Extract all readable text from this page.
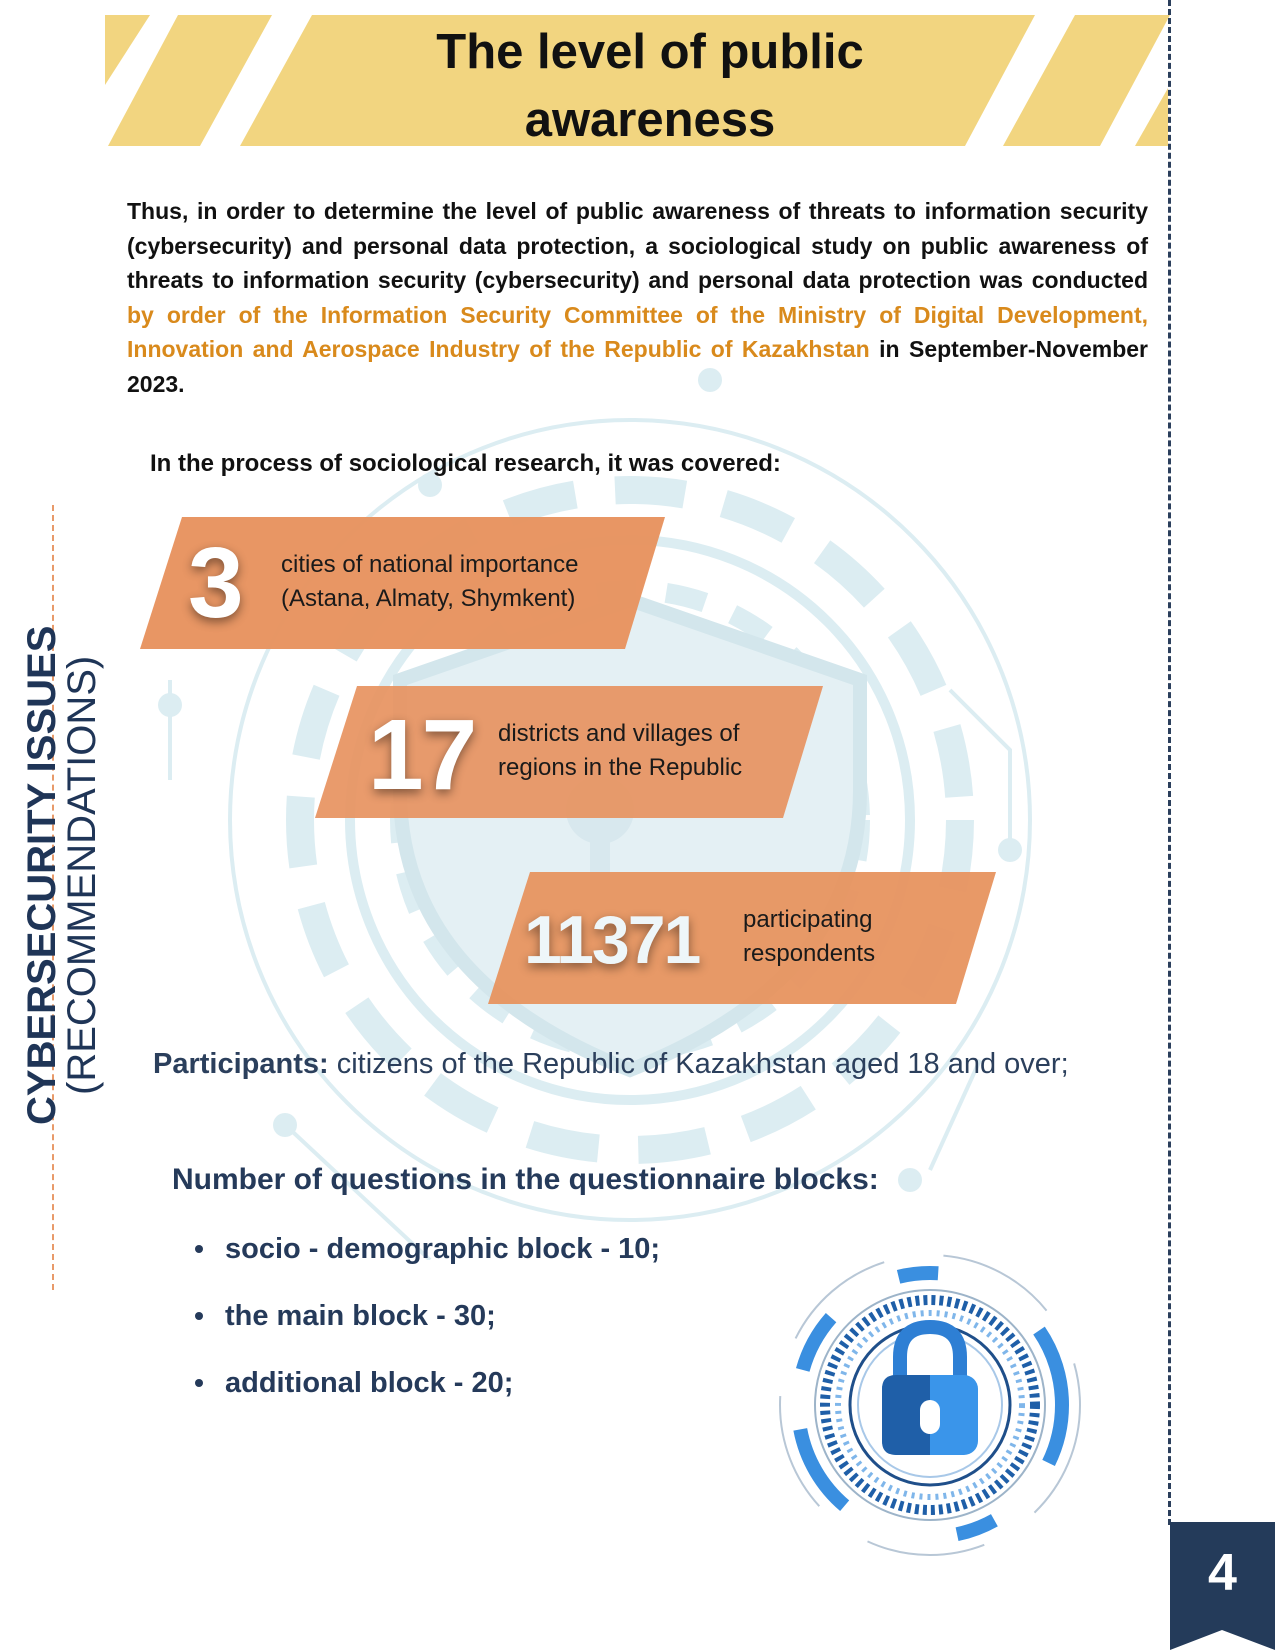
The level of public awareness
4
CYBERSECURITY ISSUES
(RECOMMENDATIONS)
Thus, in order to determine the level of public awareness of threats to information security (cybersecurity) and personal data protection, a sociological study on public awareness of threats to information security (cybersecurity) and personal data protection was conducted by order of the Information Security Committee of the Ministry of Digital Development, Innovation and Aerospace Industry of the Republic of Kazakhstan in September-November 2023.
In the process of sociological research, it was covered:
3 cities of national importance
(Astana, Almaty, Shymkent)
17 districts and villages of
regions in the Republic
11371 participating
respondents
Participants: citizens of the Republic of Kazakhstan aged 18 and over;
Number of questions in the questionnaire blocks:
socio - demographic block - 10;
the main block - 30;
additional block - 20;
